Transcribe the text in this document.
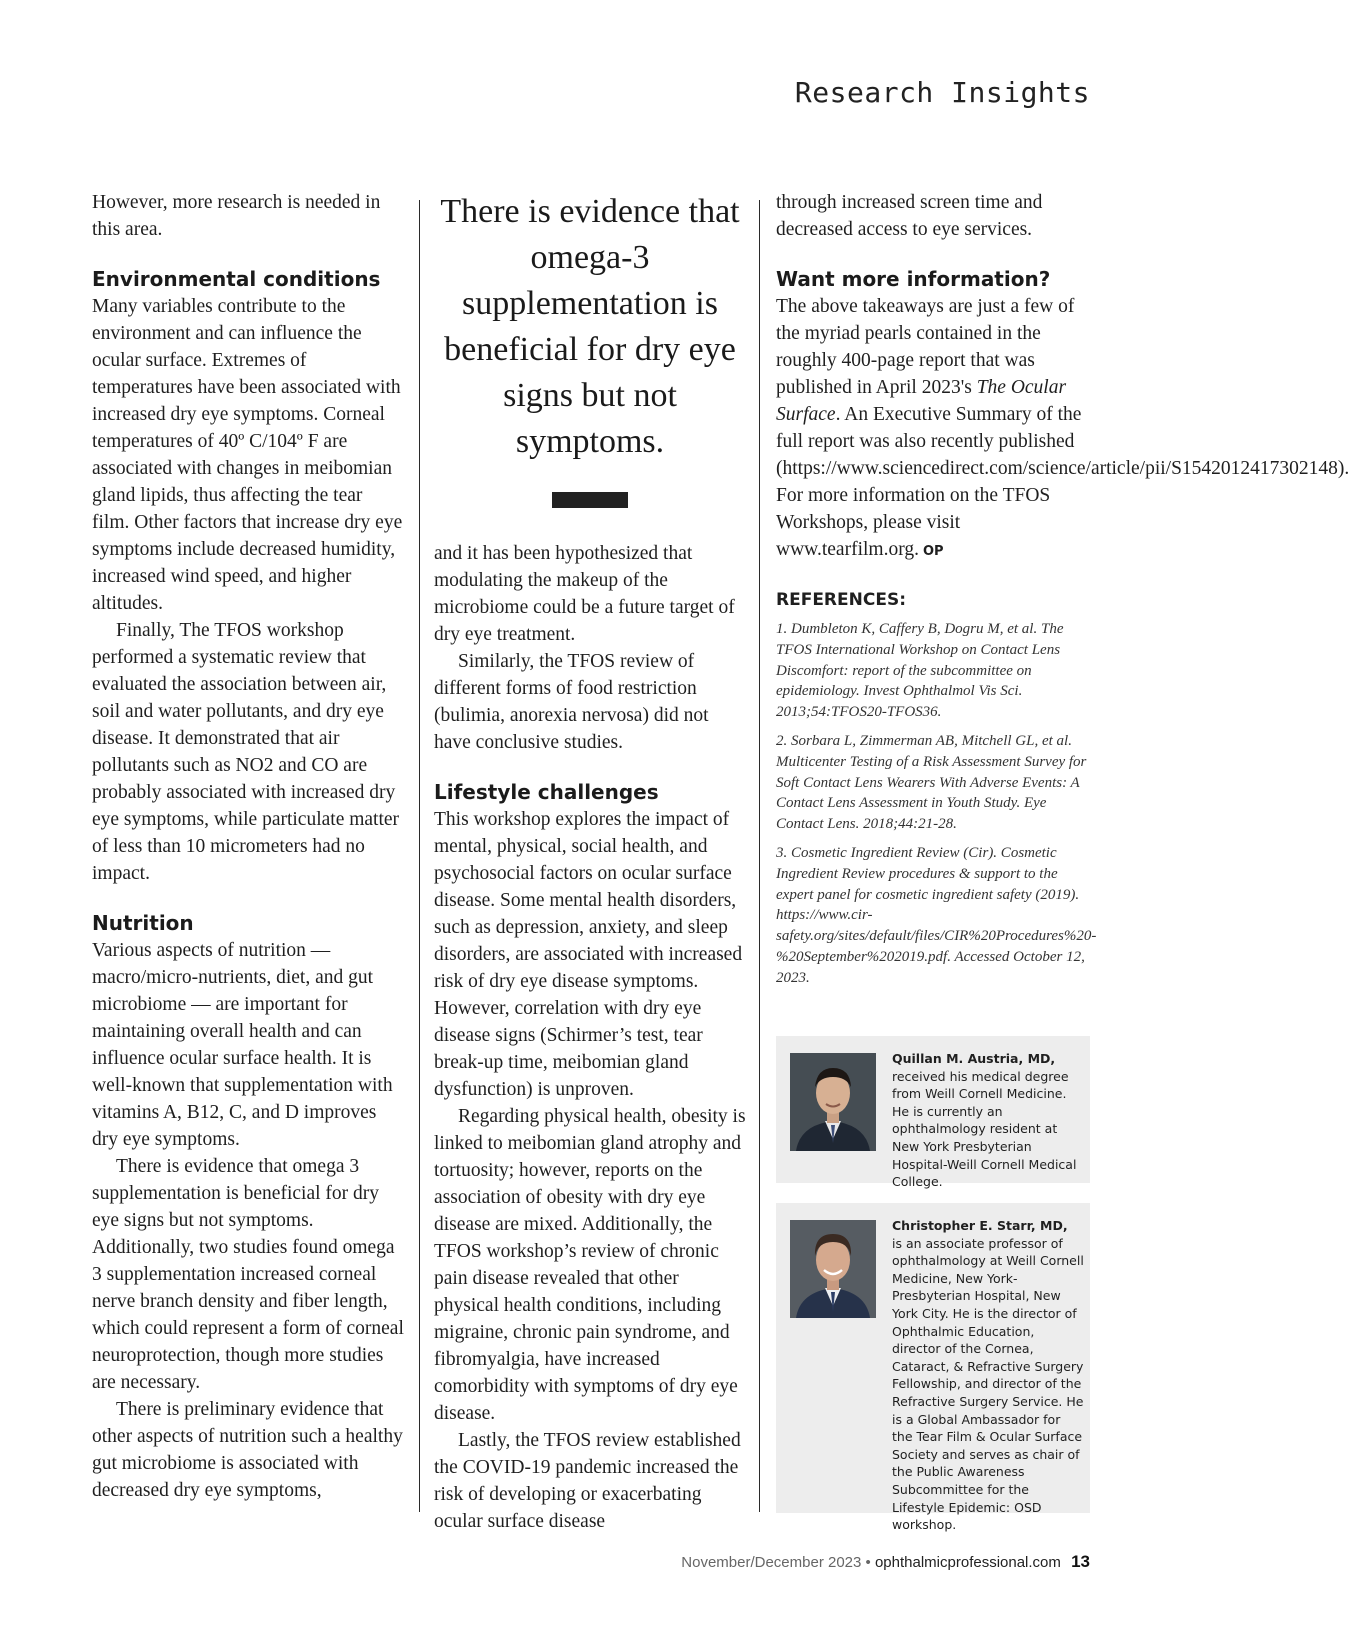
Research Insights

However, more research is needed in this area.

Environmental conditions

Many variables contribute to the environment and can influence the ocular surface. Extremes of temperatures have been associated with increased dry eye symptoms. Corneal temperatures of 40º C/104º F are associated with changes in meibomian gland lipids, thus affecting the tear film. Other factors that increase dry eye symptoms include decreased humidity, increased wind speed, and higher altitudes.

Finally, The TFOS workshop performed a systematic review that evaluated the association between air, soil and water pollutants, and dry eye disease. It demonstrated that air pollutants such as NO2 and CO are probably associated with increased dry eye symptoms, while particulate matter of less than 10 micrometers had no impact.

Nutrition

Various aspects of nutrition — macro/micro-nutrients, diet, and gut microbiome — are important for maintaining overall health and can influence ocular surface health. It is well-known that supplementation with vitamins A, B12, C, and D improves dry eye symptoms.

There is evidence that omega 3 supplementation is beneficial for dry eye signs but not symptoms. Additionally, two studies found omega 3 supplementation increased corneal nerve branch density and fiber length, which could represent a form of corneal neuroprotection, though more studies are necessary.

There is preliminary evidence that other aspects of nutrition such a healthy gut microbiome is associated with decreased dry eye symptoms,

There is evidence that omega-3 supplementation is beneficial for dry eye signs but not symptoms.

and it has been hypothesized that modulating the makeup of the microbiome could be a future target of dry eye treatment.

Similarly, the TFOS review of different forms of food restriction (bulimia, anorexia nervosa) did not have conclusive studies.

Lifestyle challenges

This workshop explores the impact of mental, physical, social health, and psychosocial factors on ocular surface disease. Some mental health disorders, such as depression, anxiety, and sleep disorders, are associated with increased risk of dry eye disease symptoms. However, correlation with dry eye disease signs (Schirmer’s test, tear break-up time, meibomian gland dysfunction) is unproven.

Regarding physical health, obesity is linked to meibomian gland atrophy and tortuosity; however, reports on the association of obesity with dry eye disease are mixed. Additionally, the TFOS workshop’s review of chronic pain disease revealed that other physical health conditions, including migraine, chronic pain syndrome, and fibromyalgia, have increased comorbidity with symptoms of dry eye disease.

Lastly, the TFOS review established the COVID-19 pandemic increased the risk of developing or exacerbating ocular surface disease

through increased screen time and decreased access to eye services.

Want more information?

The above takeaways are just a few of the myriad pearls contained in the roughly 400-page report that was published in April 2023's The Ocular Surface. An Executive Summary of the full report was also recently published (https://www.sciencedirect.com/science/article/pii/S1542012417302148). For more information on the TFOS Workshops, please visit www.tearfilm.org. OP

REFERENCES:

1. Dumbleton K, Caffery B, Dogru M, et al. The TFOS International Workshop on Contact Lens Discomfort: report of the subcommittee on epidemiology. Invest Ophthalmol Vis Sci. 2013;54:TFOS20-TFOS36.

2. Sorbara L, Zimmerman AB, Mitchell GL, et al. Multicenter Testing of a Risk Assessment Survey for Soft Contact Lens Wearers With Adverse Events: A Contact Lens Assessment in Youth Study. Eye Contact Lens. 2018;44:21-28.

3. Cosmetic Ingredient Review (Cir). Cosmetic Ingredient Review procedures & support to the expert panel for cosmetic ingredient safety (2019). https://www.cir-safety.org/sites/default/files/CIR%20Procedures%20-%20September%202019.pdf. Accessed October 12, 2023.

Quillan M. Austria, MD,
received his medical degree from Weill Cornell Medicine. He is currently an ophthalmology resident at New York Presbyterian Hospital-Weill Cornell Medical College.
Christopher E. Starr, MD,
is an associate professor of ophthalmology at Weill Cornell Medicine, New York-Presbyterian Hospital, New York City. He is the director of Ophthalmic Education, director of the Cornea, Cataract, & Refractive Surgery Fellowship, and director of the Refractive Surgery Service. He is a Global Ambassador for the Tear Film & Ocular Surface Society and serves as chair of the Public Awareness Subcommittee for the Lifestyle Epidemic: OSD workshop.
November/December 2023 • ophthalmicprofessional.com 13
